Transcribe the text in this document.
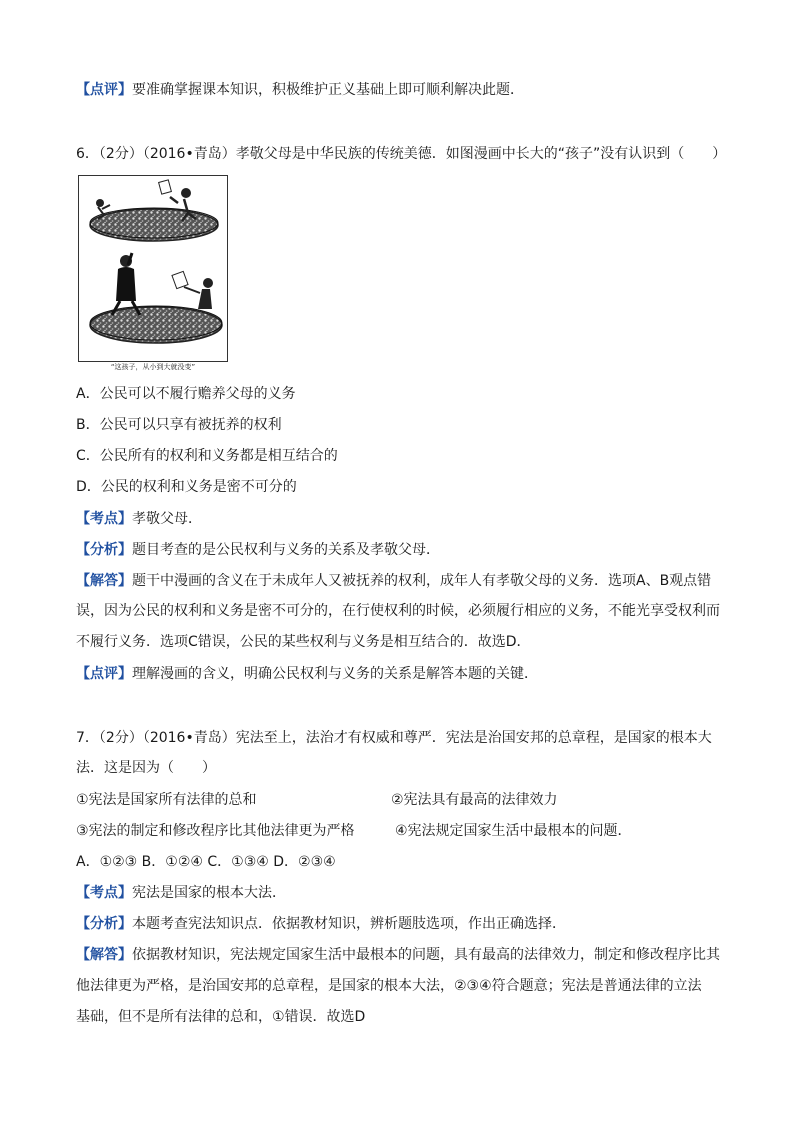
【点评】要准确掌握课本知识，积极维护正义基础上即可顺利解决此题．
6．（2分）（2016•青岛）孝敬父母是中华民族的传统美德．如图漫画中长大的“孩子”没有认识到（　　）
“这孩子，从小到大就没变”
A．公民可以不履行赡养父母的义务
B．公民可以只享有被抚养的权利
C．公民所有的权利和义务都是相互结合的
D．公民的权利和义务是密不可分的
【考点】孝敬父母．
【分析】题目考查的是公民权利与义务的关系及孝敬父母．
【解答】题干中漫画的含义在于未成年人又被抚养的权利，成年人有孝敬父母的义务．选项A、B观点错
误，因为公民的权利和义务是密不可分的，在行使权利的时候，必须履行相应的义务，不能光享受权利而
不履行义务．选项C错误，公民的某些权利与义务是相互结合的．故选D．
【点评】理解漫画的含义，明确公民权利与义务的关系是解答本题的关键．
7．（2分）（2016•青岛）宪法至上，法治才有权威和尊严．宪法是治国安邦的总章程，是国家的根本大
法．这是因为（　　）
①宪法是国家所有法律的总和	②宪法具有最高的法律效力
③宪法的制定和修改程序比其他法律更为严格	④宪法规定国家生活中最根本的问题．
A．①②③ B．①②④ C．①③④ D．②③④
【考点】宪法是国家的根本大法．
【分析】本题考查宪法知识点．依据教材知识，辨析题肢选项，作出正确选择．
【解答】依据教材知识，宪法规定国家生活中最根本的问题，具有最高的法律效力，制定和修改程序比其
他法律更为严格，是治国安邦的总章程，是国家的根本大法，②③④符合题意；宪法是普通法律的立法
基础，但不是所有法律的总和，①错误．故选D
